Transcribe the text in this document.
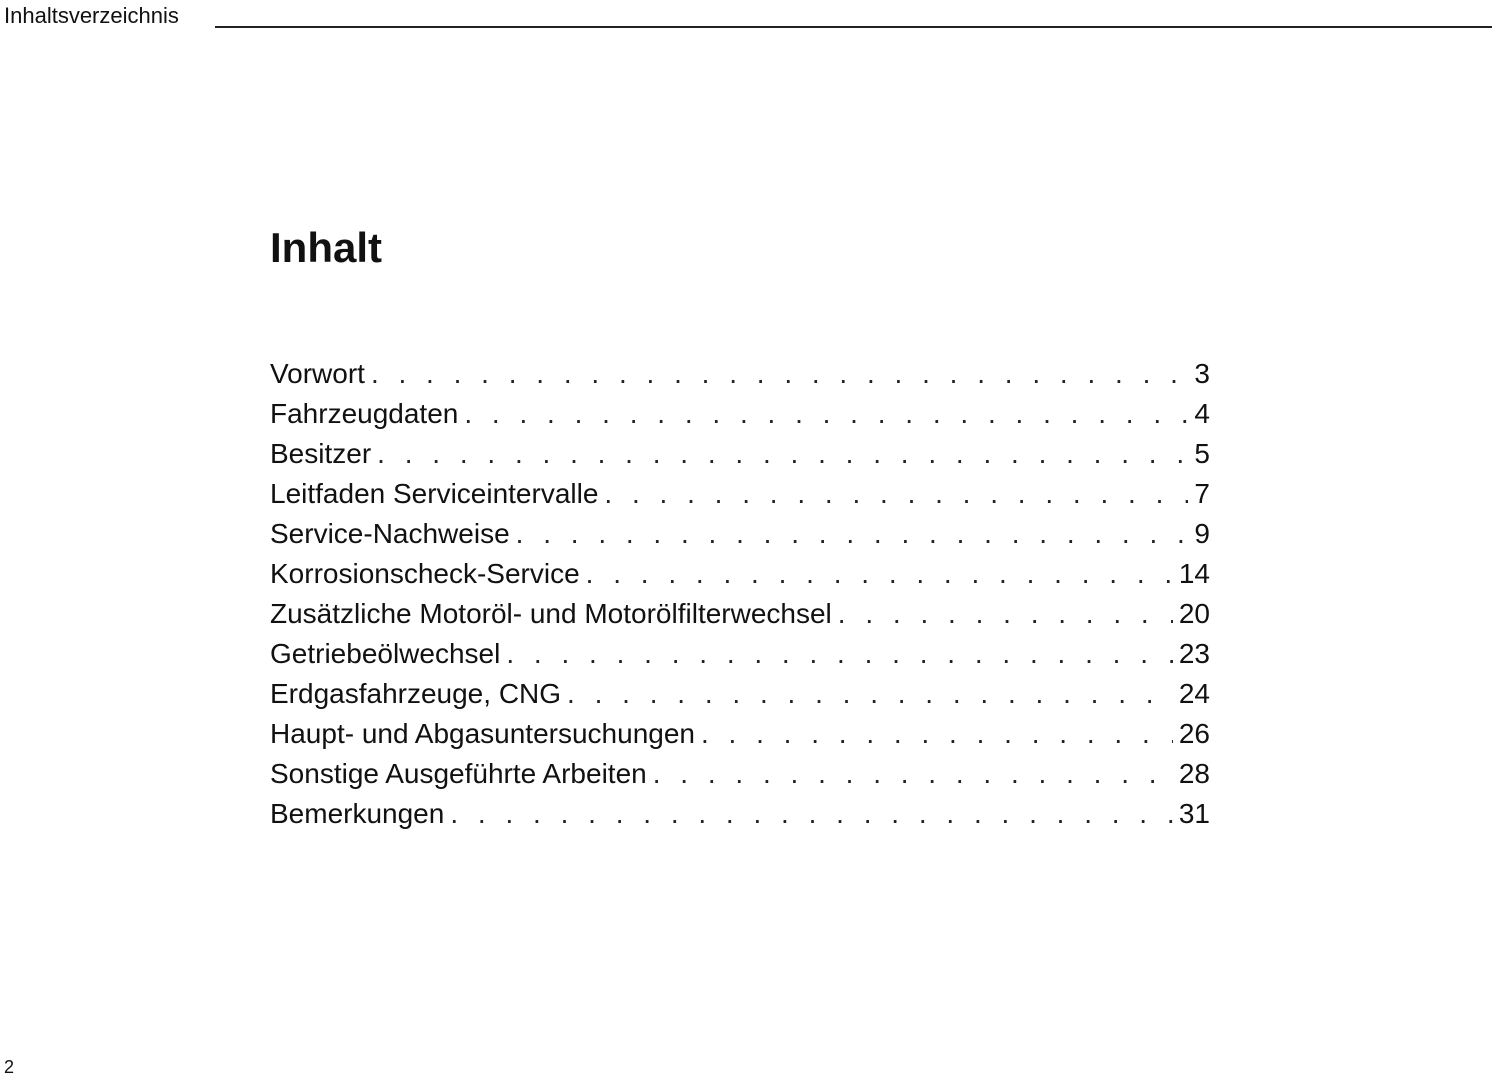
Inhaltsverzeichnis
Inhalt
Vorwort . . .	3
Fahrzeugdaten . . .	4
Besitzer . . .	5
Leitfaden Serviceintervalle . . .	7
Service-Nachweise . . .	9
Korrosionscheck-Service . . .	14
Zusätzliche Motoröl- und Motorölfilterwechsel . . .	20
Getriebeölwechsel . . .	23
Erdgasfahrzeuge, CNG . . .	24
Haupt- und Abgasuntersuchungen . . .	26
Sonstige Ausgeführte Arbeiten . . .	28
Bemerkungen . . .	31
2
